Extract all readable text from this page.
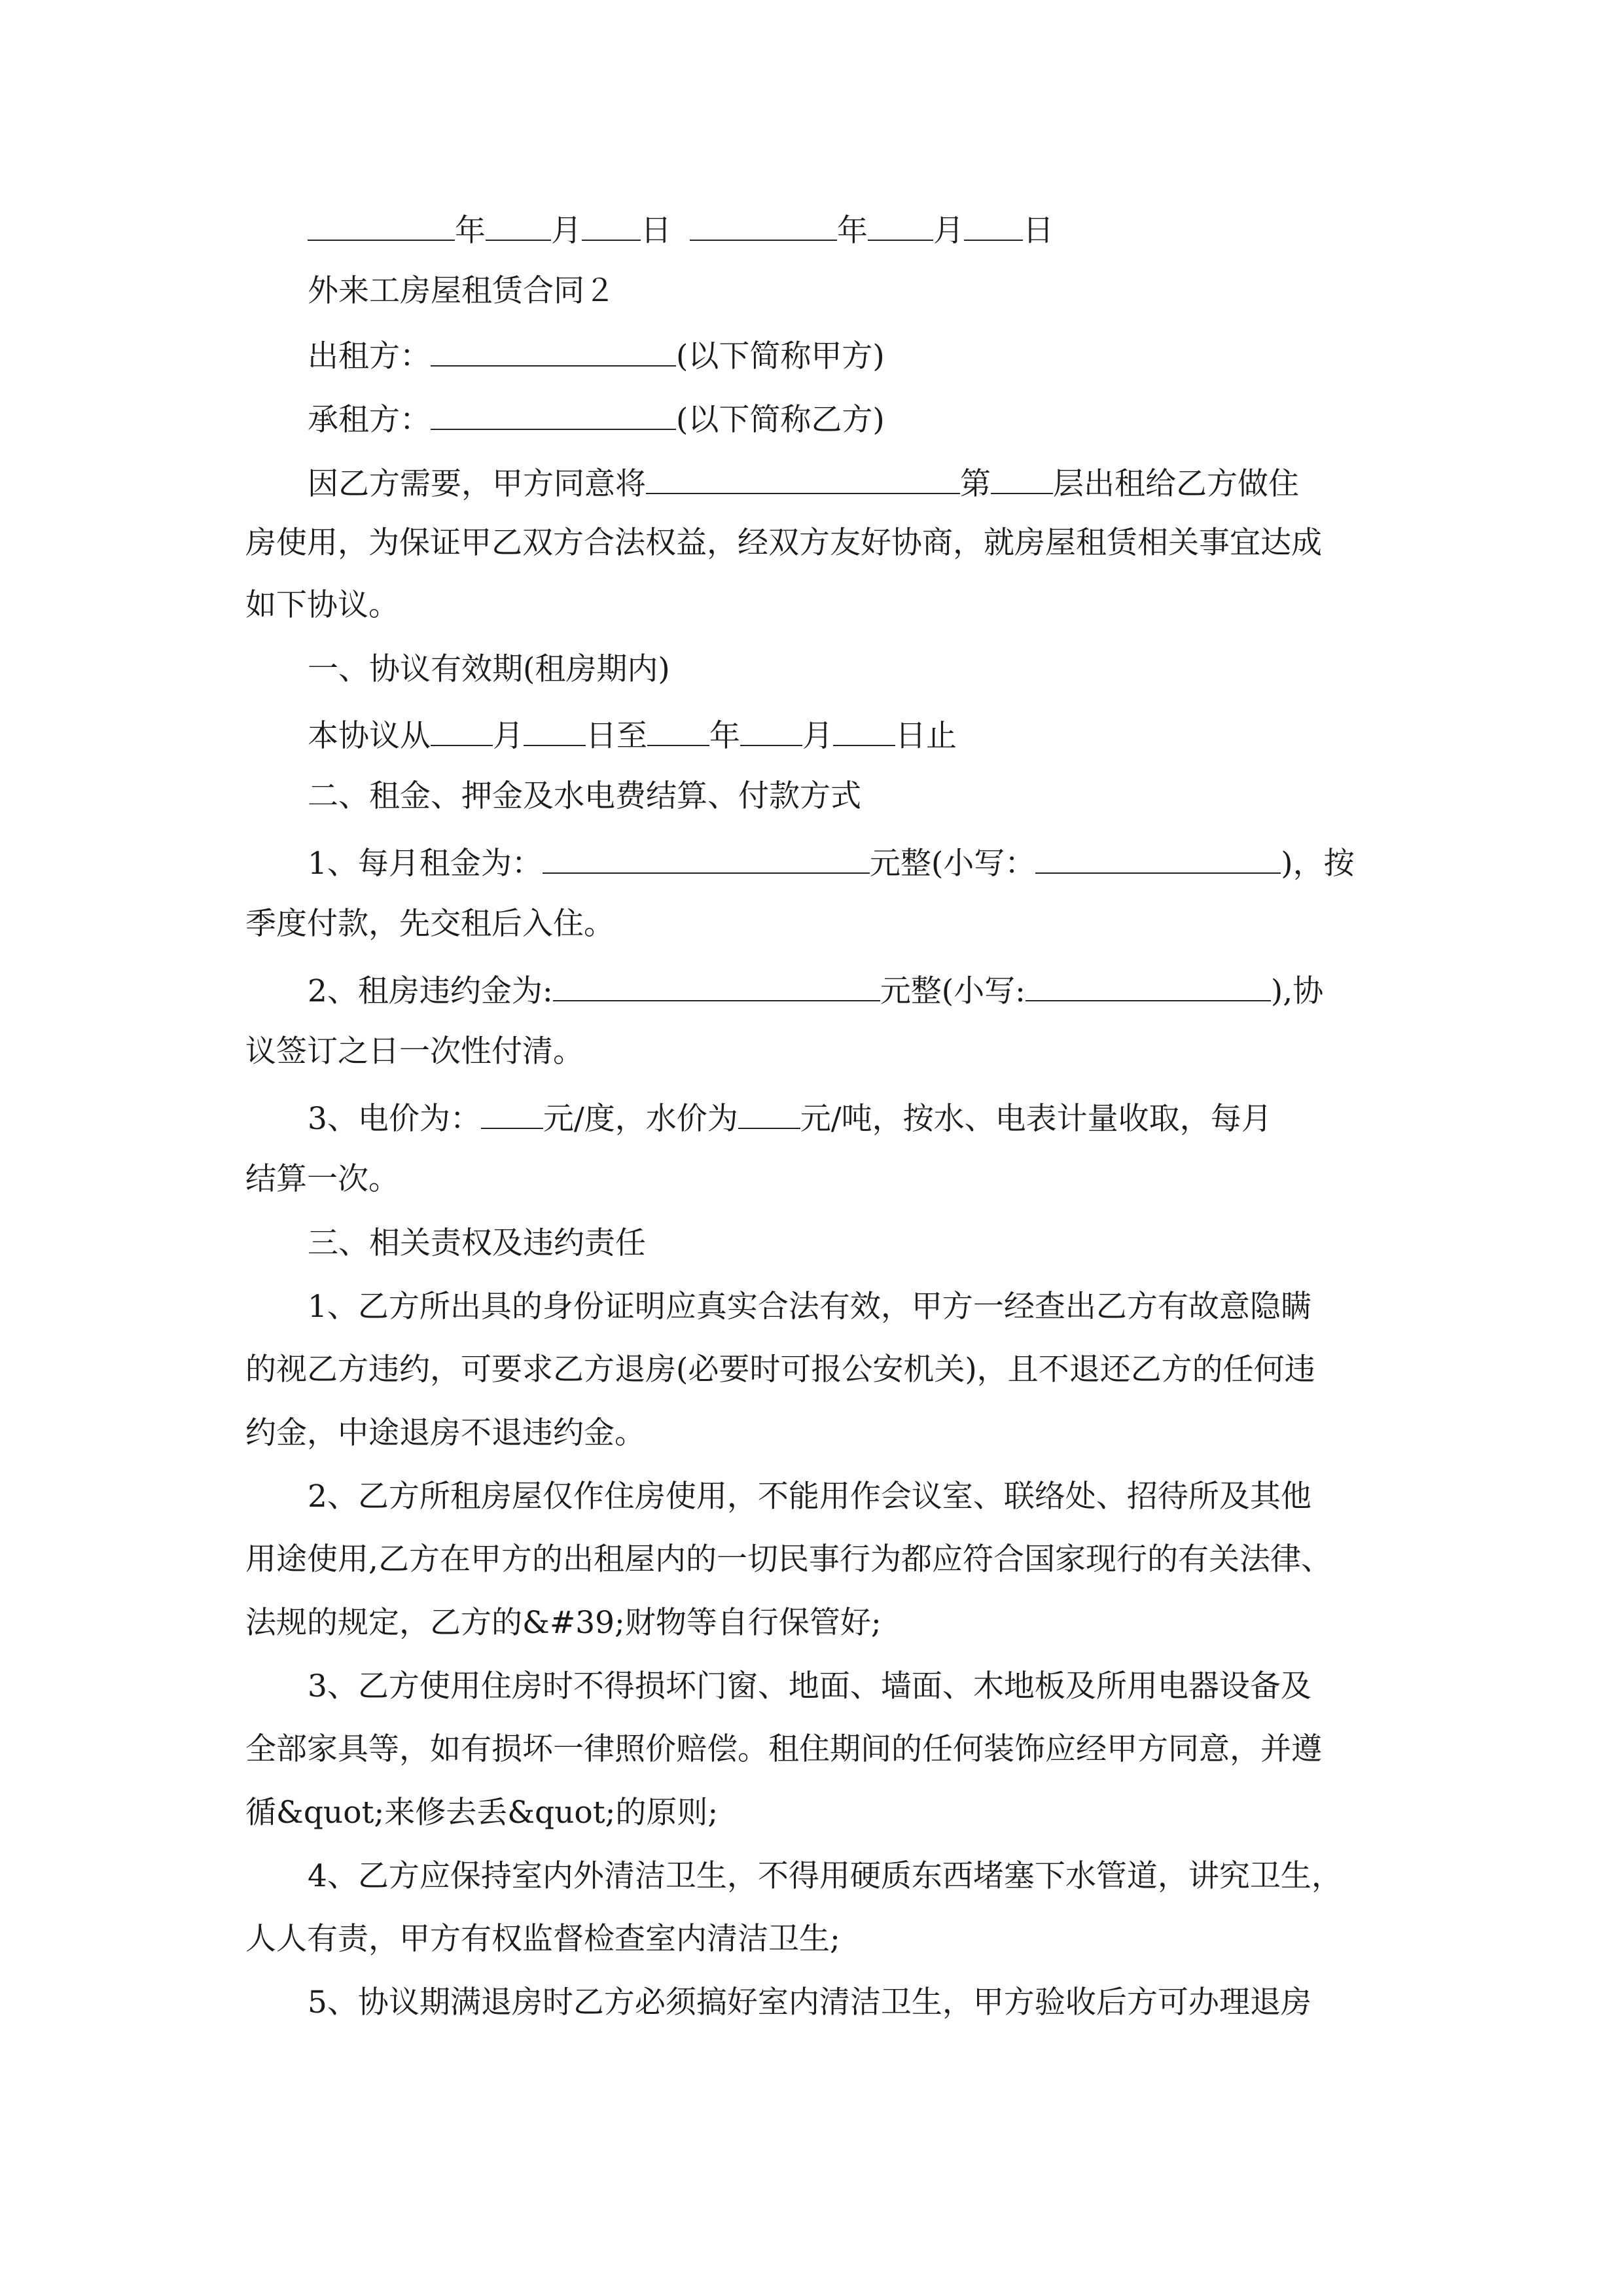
年 月 日	年 月 日
外来工房屋租赁合同２
出租方：	(以下简称甲方)
承租方：	(以下简称乙方)
因乙方需要，甲方同意将	第 层出租给乙方做住
房使用，为保证甲乙双方合法权益，经双方友好协商，就房屋租赁相关事宜达成
如下协议。
一、协议有效期(租房期内)
本协议从 月 日至 年 月 日止
二、租金、押金及水电费结算、付款方式
1、每月租金为：	元整(小写：	)，按
季度付款，先交租后入住。
2、租房违约金为:	元整(小写:	),协
议签订之日一次性付清。
3、电价为： 元/度，水价为 元/吨，按水、电表计量收取，每月
结算一次。
三、相关责权及违约责任
1、乙方所出具的身份证明应真实合法有效，甲方一经查出乙方有故意隐瞒
的视乙方违约，可要求乙方退房(必要时可报公安机关)，且不退还乙方的任何违
约金，中途退房不退违约金。
2、乙方所租房屋仅作住房使用，不能用作会议室、联络处、招待所及其他
用途使用,乙方在甲方的出租屋内的一切民事行为都应符合国家现行的有关法律、
法规的规定，乙方的&#39;财物等自行保管好;
3、乙方使用住房时不得损坏门窗、地面、墙面、木地板及所用电器设备及
全部家具等，如有损坏一律照价赔偿。租住期间的任何装饰应经甲方同意，并遵
循&quot;来修去丢&quot;的原则;
4、乙方应保持室内外清洁卫生，不得用硬质东西堵塞下水管道，讲究卫生，
人人有责，甲方有权监督检查室内清洁卫生;
5、协议期满退房时乙方必须搞好室内清洁卫生，甲方验收后方可办理退房
